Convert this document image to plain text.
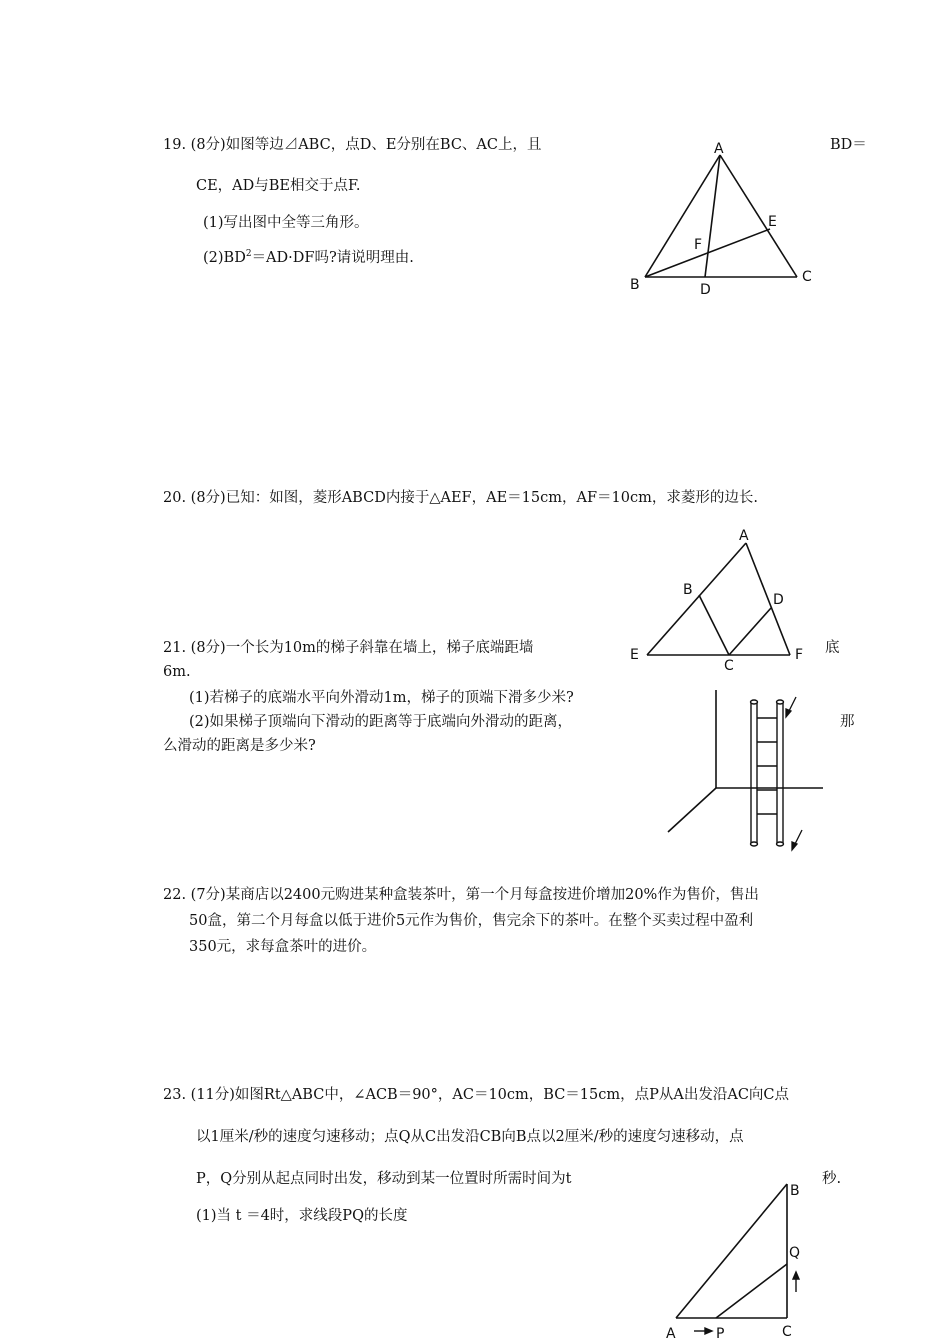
19. (8分)如图等边⊿ABC，点D、E分别在BC、AC上，且	BD＝
CE，AD与BE相交于点F.
(1)写出图中全等三角形。
$(2)BD^2=AD\cdot DF$吗?请说明理由.
A
B	C
D
E
F
20. (8分)已知：如图，菱形ABCD内接于△AEF，AE＝15cm，AF＝10cm，求菱形的边长.
A
B
C
D
E	F
21. (8分)一个长为10m的梯子斜靠在墙上，梯子底端距墙	底
6m.
(1)若梯子的底端水平向外滑动1m，梯子的顶端下滑多少米?
(2)如果梯子顶端向下滑动的距离等于底端向外滑动的距离，	那
么滑动的距离是多少米?
22. (7分)某商店以2400元购进某种盒装茶叶，第一个月每盒按进价增加20%作为售价，售出
50盒，第二个月每盒以低于进价5元作为售价，售完余下的茶叶。在整个买卖过程中盈利
350元，求每盒茶叶的进价。
23. (11分)如图Rt△ABC中，∠ACB＝90°，AC＝10cm，BC＝15cm，点P从A出发沿AC向C点
以1厘米/秒的速度匀速移动；点Q从C出发沿CB向B点以2厘米/秒的速度匀速移动，点
P，Q分别从起点同时出发，移动到某一位置时所需时间为t	秒.
(1)当 t ＝4时，求线段PQ的长度
A
B
C
P
Q
